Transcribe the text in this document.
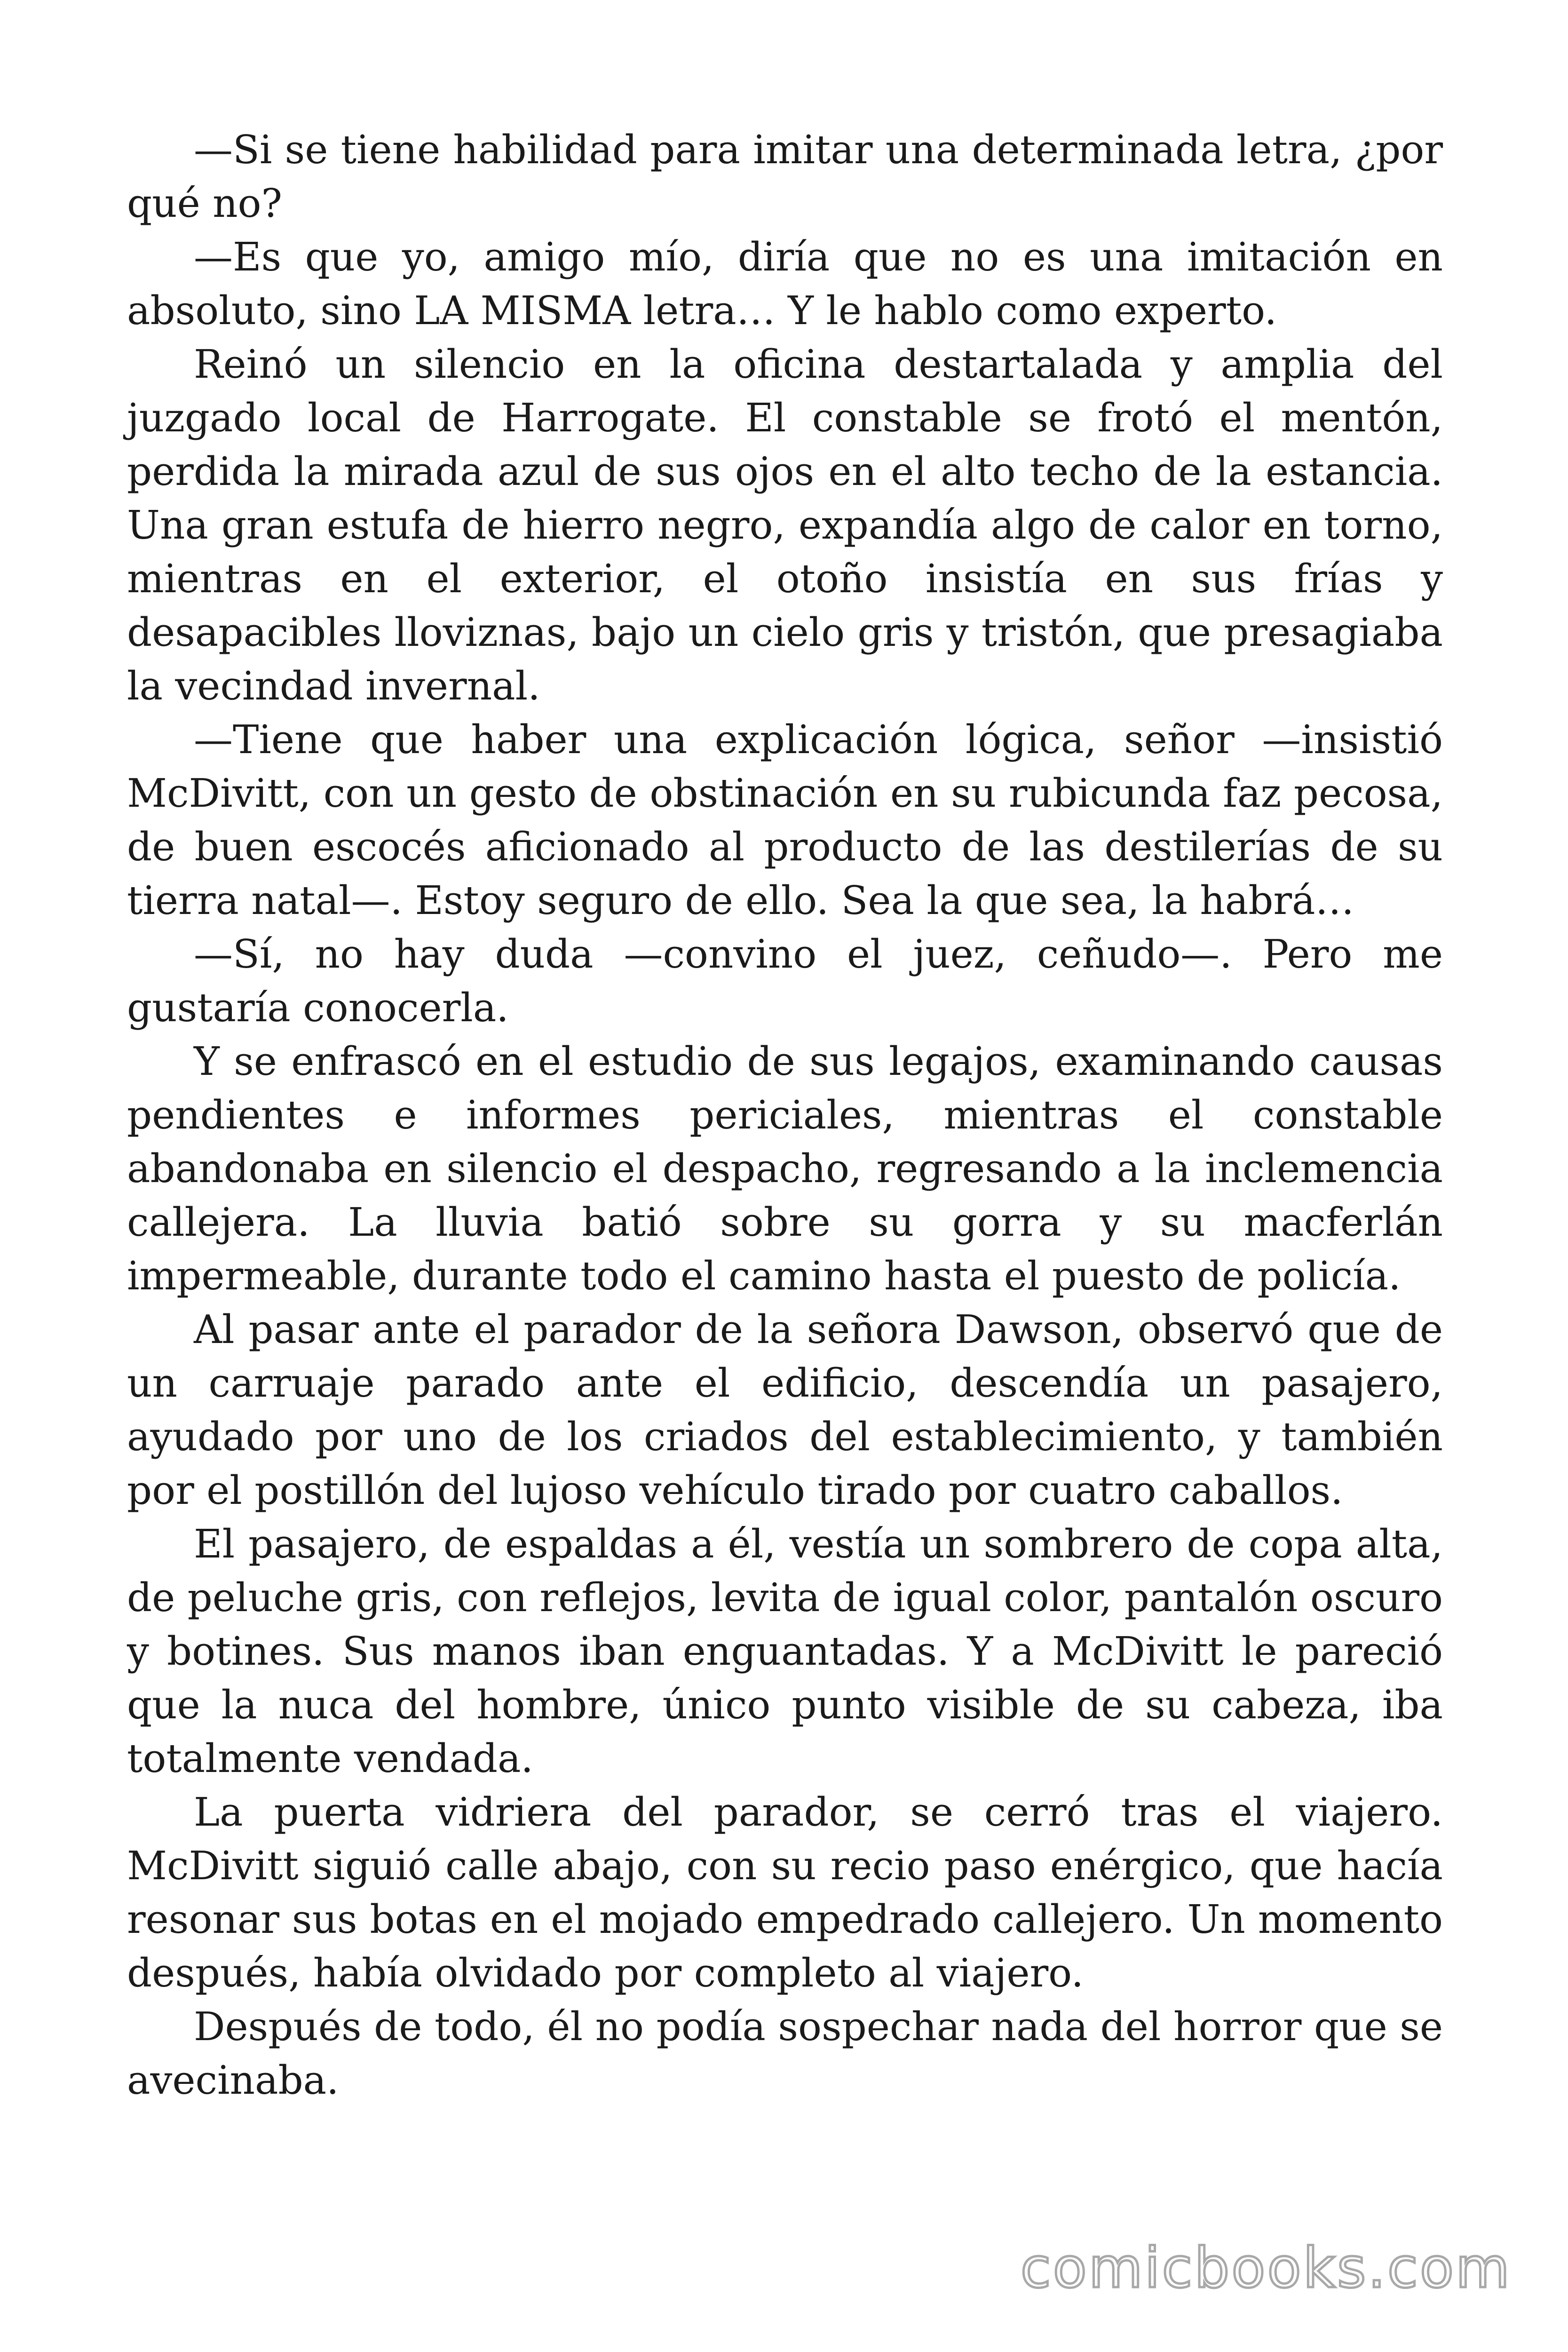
—Si se tiene habilidad para imitar una determinada letra, ¿por qué no?

—Es que yo, amigo mío, diría que no es una imitación en absoluto, sino LA MISMA letra… Y le hablo como experto.

Reinó un silencio en la oficina destartalada y amplia del juzgado local de Harrogate. El constable se frotó el mentón, perdida la mirada azul de sus ojos en el alto techo de la estancia. Una gran estufa de hierro negro, expandía algo de calor en torno, mientras en el exterior, el otoño insistía en sus frías y desapacibles lloviznas, bajo un cielo gris y tristón, que presagiaba la vecindad invernal.

—Tiene que haber una explicación lógica, señor —insistió McDivitt, con un gesto de obstinación en su rubicunda faz pecosa, de buen escocés aficionado al producto de las destilerías de su tierra natal—. Estoy seguro de ello. Sea la que sea, la habrá…

—Sí, no hay duda —convino el juez, ceñudo—. Pero me gustaría conocerla.

Y se enfrascó en el estudio de sus legajos, examinando causas pendientes e informes periciales, mientras el constable abandonaba en silencio el despacho, regresando a la inclemencia callejera. La lluvia batió sobre su gorra y su macferlán impermeable, durante todo el camino hasta el puesto de policía.

Al pasar ante el parador de la señora Dawson, observó que de un carruaje parado ante el edificio, descendía un pasajero, ayudado por uno de los criados del establecimiento, y también por el postillón del lujoso vehículo tirado por cuatro caballos.

El pasajero, de espaldas a él, vestía un sombrero de copa alta, de peluche gris, con reflejos, levita de igual color, pantalón oscuro y botines. Sus manos iban enguantadas. Y a McDivitt le pareció que la nuca del hombre, único punto visible de su cabeza, iba totalmente vendada.

La puerta vidriera del parador, se cerró tras el viajero. McDivitt siguió calle abajo, con su recio paso enérgico, que hacía resonar sus botas en el mojado empedrado callejero. Un momento después, había olvidado por completo al viajero.

Después de todo, él no podía sospechar nada del horror que se avecinaba.

comicbooks.com
